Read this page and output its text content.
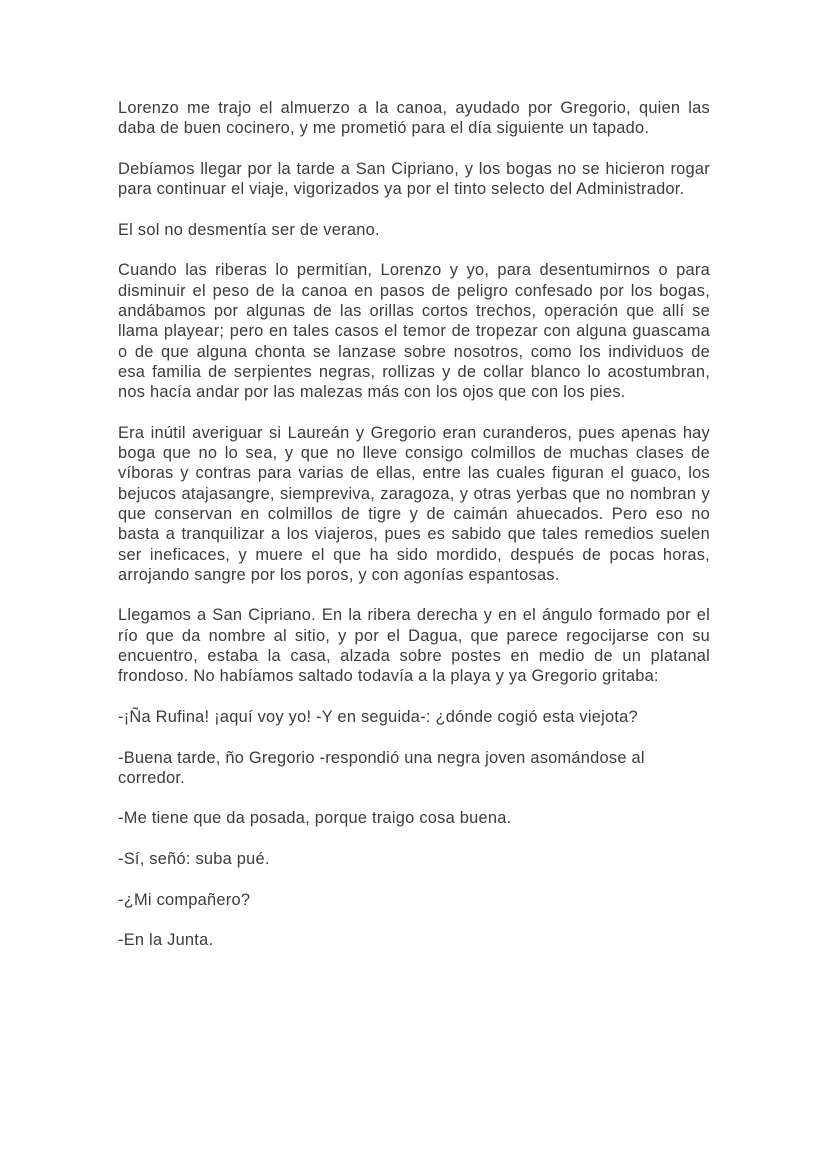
Lorenzo me trajo el almuerzo a la canoa, ayudado por Gregorio, quien las daba de buen cocinero, y me prometió para el día siguiente un tapado.

Debíamos llegar por la tarde a San Cipriano, y los bogas no se hicieron rogar para continuar el viaje, vigorizados ya por el tinto selecto del Administrador.

El sol no desmentía ser de verano.

Cuando las riberas lo permitían, Lorenzo y yo, para desentumirnos o para disminuir el peso de la canoa en pasos de peligro confesado por los bogas, andábamos por algunas de las orillas cortos trechos, operación que allí se llama playear; pero en tales casos el temor de tropezar con alguna guascama o de que alguna chonta se lanzase sobre nosotros, como los individuos de esa familia de serpientes negras, rollizas y de collar blanco lo acostumbran, nos hacía andar por las malezas más con los ojos que con los pies.

Era inútil averiguar si Laureán y Gregorio eran curanderos, pues apenas hay boga que no lo sea, y que no lleve consigo colmillos de muchas clases de víboras y contras para varias de ellas, entre las cuales figuran el guaco, los bejucos atajasangre, siempreviva, zaragoza, y otras yerbas que no nombran y que conservan en colmillos de tigre y de caimán ahuecados. Pero eso no basta a tranquilizar a los viajeros, pues es sabido que tales remedios suelen ser ineficaces, y muere el que ha sido mordido, después de pocas horas, arrojando sangre por los poros, y con agonías espantosas.

Llegamos a San Cipriano. En la ribera derecha y en el ángulo formado por el río que da nombre al sitio, y por el Dagua, que parece regocijarse con su encuentro, estaba la casa, alzada sobre postes en medio de un platanal frondoso. No habíamos saltado todavía a la playa y ya Gregorio gritaba:

-¡Ña Rufina! ¡aquí voy yo! -Y en seguida-: ¿dónde cogió esta viejota?

-Buena tarde, ño Gregorio -respondió una negra joven asomándose al corredor.

-Me tiene que da posada, porque traigo cosa buena.

-Sí, señó: suba pué.

-¿Mi compañero?

-En la Junta.
